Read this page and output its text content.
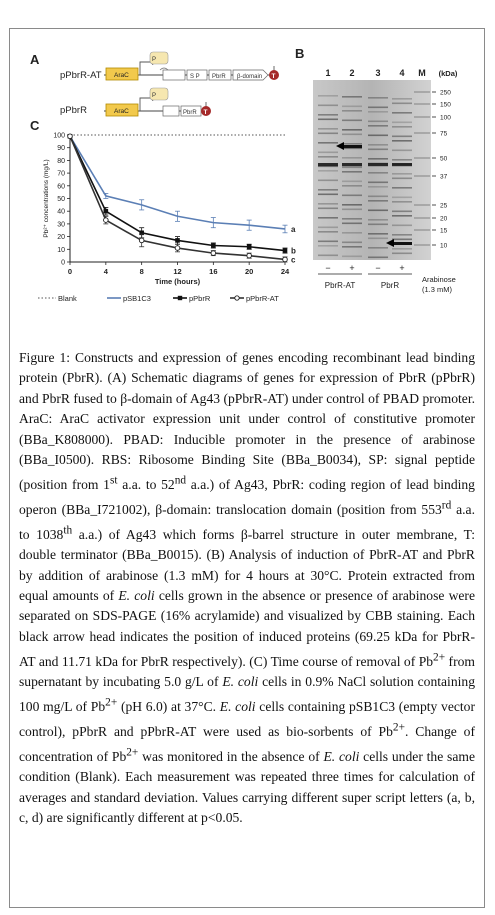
A	B
C
pPbrR-AT AraC
P
S P PbrR β-domain T
pPbrR	AraC
P
PbrR T
0
10
20
30
40
50
60
70
80
90
100
0	4	8	12	16	20	24
Time (hours)
Pb²⁺ concentrations (mg/L)	a
b
c
Blank	pSB1C3	pPbrR	pPbrR-AT
1 2 3 4 M (kDa)
250
150
100
75
50
37
25
20
15
10
− + − +
PbrR-AT	PbrR
Arabinose
(1.3 mM)

Figure 1: Constructs and expression of genes encoding recombinant lead binding protein (PbrR). (A) Schematic diagrams of genes for expression of PbrR (pPbrR) and PbrR fused to β-domain of Ag43 (pPbrR-AT) under control of PBAD promoter. AraC: AraC activator expression unit under control of constitutive promoter (BBa_K808000). PBAD: Inducible promoter in the presence of arabinose (BBa_I0500). RBS: Ribosome Binding Site (BBa_B0034), SP: signal peptide (position from 1st a.a. to 52nd a.a.) of Ag43, PbrR: coding region of lead binding operon (BBa_I721002), β-domain: translocation domain (position from 553rd a.a. to 1038th a.a.) of Ag43 which forms β-barrel structure in outer membrane, T: double terminator (BBa_B0015). (B) Analysis of induction of PbrR-AT and PbrR by addition of arabinose (1.3 mM) for 4 hours at 30°C. Protein extracted from equal amounts of E. coli cells grown in the absence or presence of arabinose were separated on SDS-PAGE (16% acrylamide) and visualized by CBB staining. Each black arrow head indicates the position of induced proteins (69.25 kDa for PbrR-AT and 11.71 kDa for PbrR respectively). (C) Time course of removal of $Pb^{2+}$ from supernatant by incubating 5.0 g/L of E. coli cells in 0.9% NaCl solution containing 100 mg/L of $Pb^{2+}$ (pH 6.0) at 37°C. E. coli cells containing pSB1C3 (empty vector control), pPbrR and pPbrR-AT were used as bio-sorbents of $Pb^{2+}$. Change of concentration of $Pb^{2+}$ was monitored in the absence of E. coli cells under the same condition (Blank). Each measurement was repeated three times for calculation of averages and standard deviation. Values carrying different super script letters (a, b, c, d) are significantly different at p<0.05.
